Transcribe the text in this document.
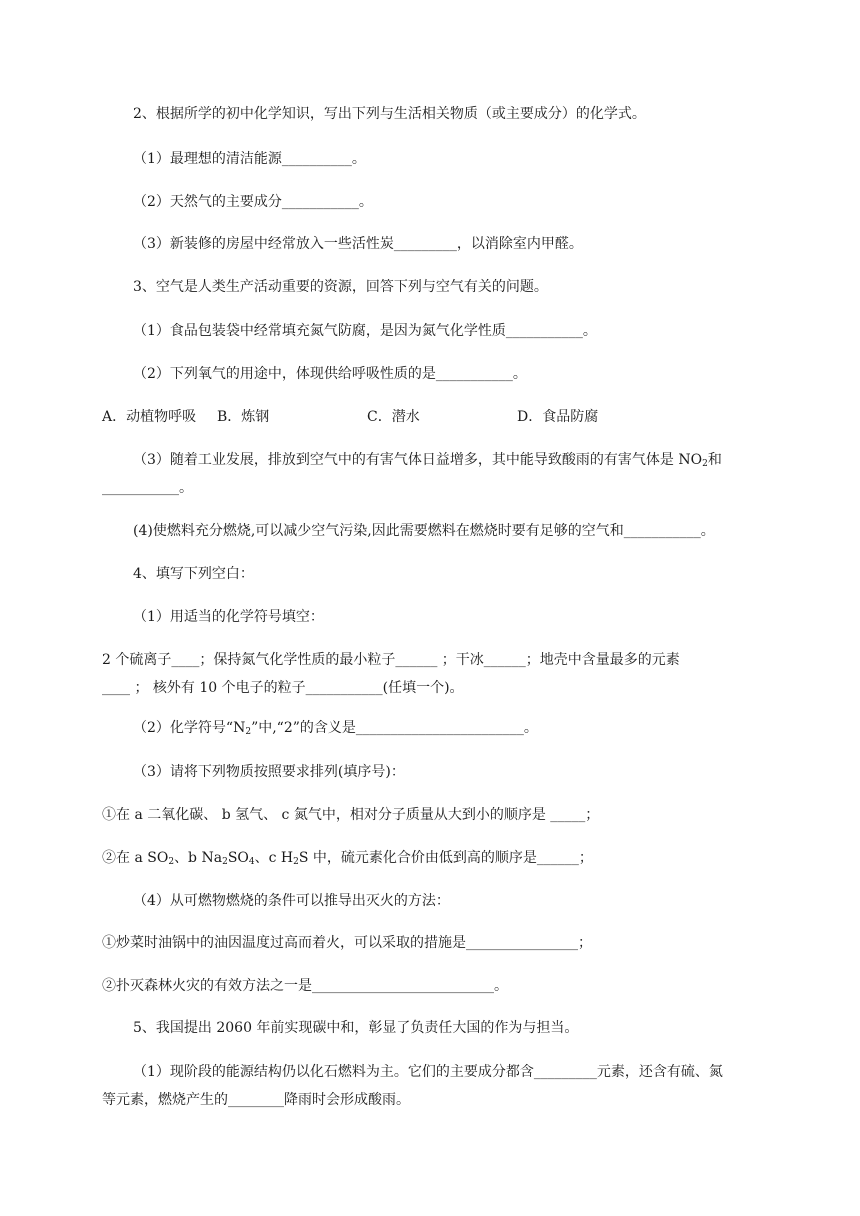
2、根据所学的初中化学知识，写出下列与生活相关物质（或主要成分）的化学式。
（1）最理想的清洁能源__________。
（2）天然气的主要成分___________。
（3）新装修的房屋中经常放入一些活性炭_________，以消除室内甲醛。
3、空气是人类生产活动重要的资源，回答下列与空气有关的问题。
（1）食品包装袋中经常填充氮气防腐，是因为氮气化学性质___________。
（2）下列氧气的用途中，体现供给呼吸性质的是___________。
A．动植物呼吸 B．炼钢	C．潜水	D．食品防腐
（3）随着工业发展，排放到空气中的有害气体日益增多，其中能导致酸雨的有害气体是 $NO_2$和
___________。
(4)使燃料充分燃烧,可以减少空气污染,因此需要燃料在燃烧时要有足够的空气和___________。
4、填写下列空白：
（1）用适当的化学符号填空：
2 个硫离子____；保持氮气化学性质的最小粒子______ ；干冰______；地壳中含量最多的元素
____ ； 核外有 10 个电子的粒子___________(任填一个)。
（2）化学符号“$N_2$”中,“2”的含义是________________________。
（3）请将下列物质按照要求排列(填序号)：
①在 a 二氧化碳、 b 氢气、 c 氮气中，相对分子质量从大到小的顺序是 _____；
②在 a $SO_2$、b $Na_2SO_4$、c $H_2S$ 中，硫元素化合价由低到高的顺序是______；
（4）从可燃物燃烧的条件可以推导出灭火的方法：
①炒菜时油锅中的油因温度过高而着火，可以采取的措施是________________；
②扑灭森林火灾的有效方法之一是__________________________。
5、我国提出 2060 年前实现碳中和，彰显了负责任大国的作为与担当。
（1）现阶段的能源结构仍以化石燃料为主。它们的主要成分都含_________元素，还含有硫、氮
等元素，燃烧产生的________降雨时会形成酸雨。
